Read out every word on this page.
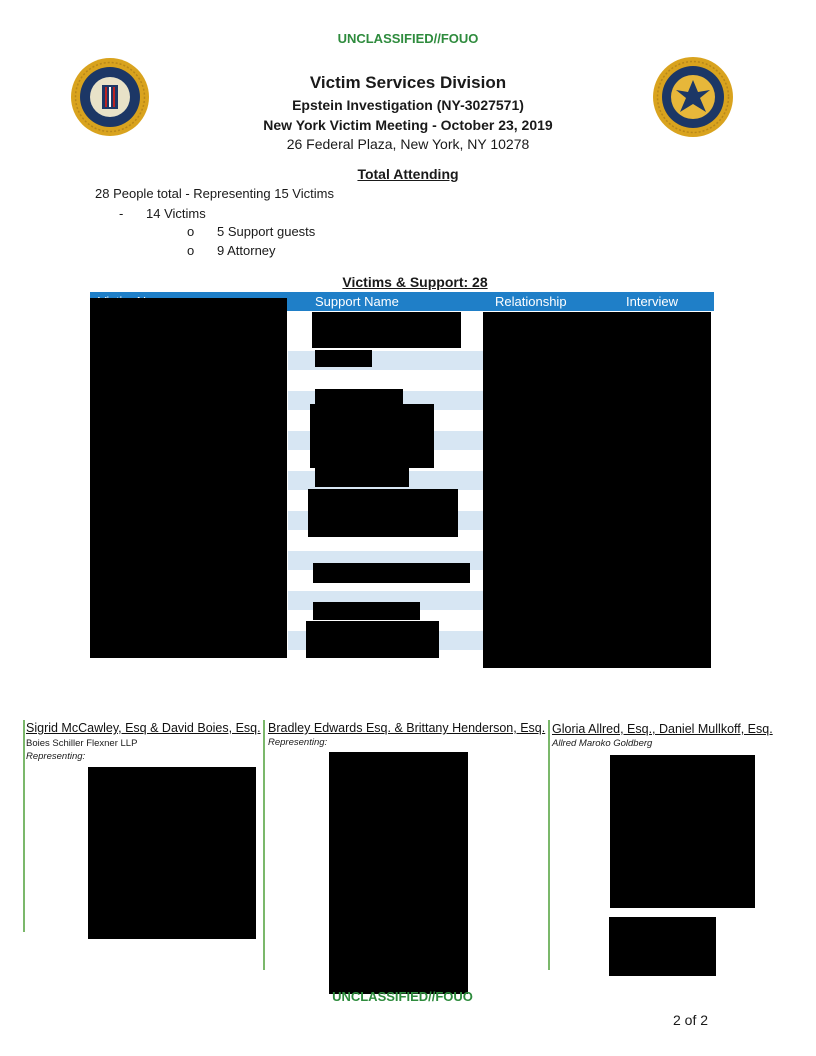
UNCLASSIFIED//FOUO
Victim Services Division
Epstein Investigation (NY-3027571)
New York Victim Meeting - October 23, 2019
26 Federal Plaza, New York, NY 10278
Total Attending
28 People total - Representing 15 Victims
- 14 Victims
o 5 Support guests
o 9 Attorney
Victims & Support: 28
Support Name	Relationship	Interview
Sigrid McCawley, Esq & David Boies, Esq.
Boies Schiller Flexner LLP
Representing:
Bradley Edwards Esq. & Brittany Henderson, Esq.
Representing:
Gloria Allred, Esq., Daniel Mullkoff, Esq.
Allred Maroko Goldberg
UNCLASSIFIED//FOUO
2 of 2
